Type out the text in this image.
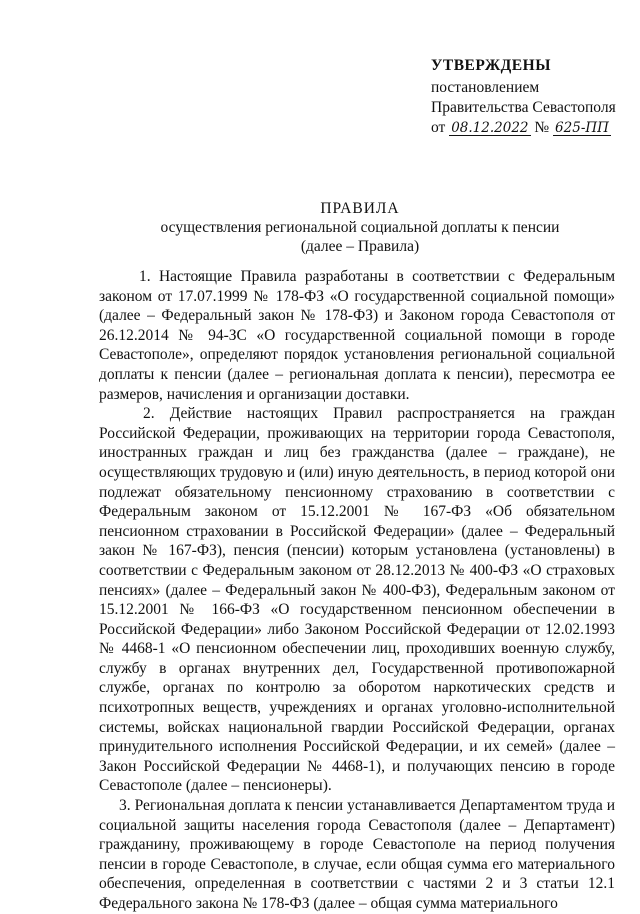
УТВЕРЖДЕНЫ
постановлением
Правительства Севастополя
от 08.12.2022 № 625-ПП
ПРАВИЛА
осуществления региональной социальной доплаты к пенсии
(далее – Правила)

1. Настоящие Правила разработаны в соответствии с Федеральным законом от 17.07.1999 № 178-ФЗ «О государственной социальной помощи» (далее – Федеральный закон № 178-ФЗ) и Законом города Севастополя от 26.12.2014 № 94-ЗС «О государственной социальной помощи в городе Севастополе», определяют порядок установления региональной социальной доплаты к пенсии (далее – региональная доплата к пенсии), пересмотра ее размеров, начисления и организации доставки.

2. Действие настоящих Правил распространяется на граждан Российской Федерации, проживающих на территории города Севастополя, иностранных граждан и лиц без гражданства (далее – граждане), не осуществляющих трудовую и (или) иную деятельность, в период которой они подлежат обязательному пенсионному страхованию в соответствии с Федеральным законом от 15.12.2001 № 167-ФЗ «Об обязательном пенсионном страховании в Российской Федерации» (далее – Федеральный закон № 167-ФЗ), пенсия (пенсии) которым установлена (установлены) в соответствии с Федеральным законом от 28.12.2013 № 400-ФЗ «О страховых пенсиях» (далее – Федеральный закон № 400-ФЗ), Федеральным законом от 15.12.2001 № 166-ФЗ «О государственном пенсионном обеспечении в Российской Федерации» либо Законом Российской Федерации от 12.02.1993 № 4468-1 «О пенсионном обеспечении лиц, проходивших военную службу, службу в органах внутренних дел, Государственной противопожарной службе, органах по контролю за оборотом наркотических средств и психотропных веществ, учреждениях и органах уголовно-исполнительной системы, войсках национальной гвардии Российской Федерации, органах принудительного исполнения Российской Федерации, и их семей» (далее – Закон Российской Федерации № 4468-1), и получающих пенсию в городе Севастополе (далее – пенсионеры).

3. Региональная доплата к пенсии устанавливается Департаментом труда и социальной защиты населения города Севастополя (далее – Департамент) гражданину, проживающему в городе Севастополе на период получения пенсии в городе Севастополе, в случае, если общая сумма его материального обеспечения, определенная в соответствии с частями 2 и 3 статьи 12.1 Федерального закона № 178-ФЗ (далее – общая сумма материального
